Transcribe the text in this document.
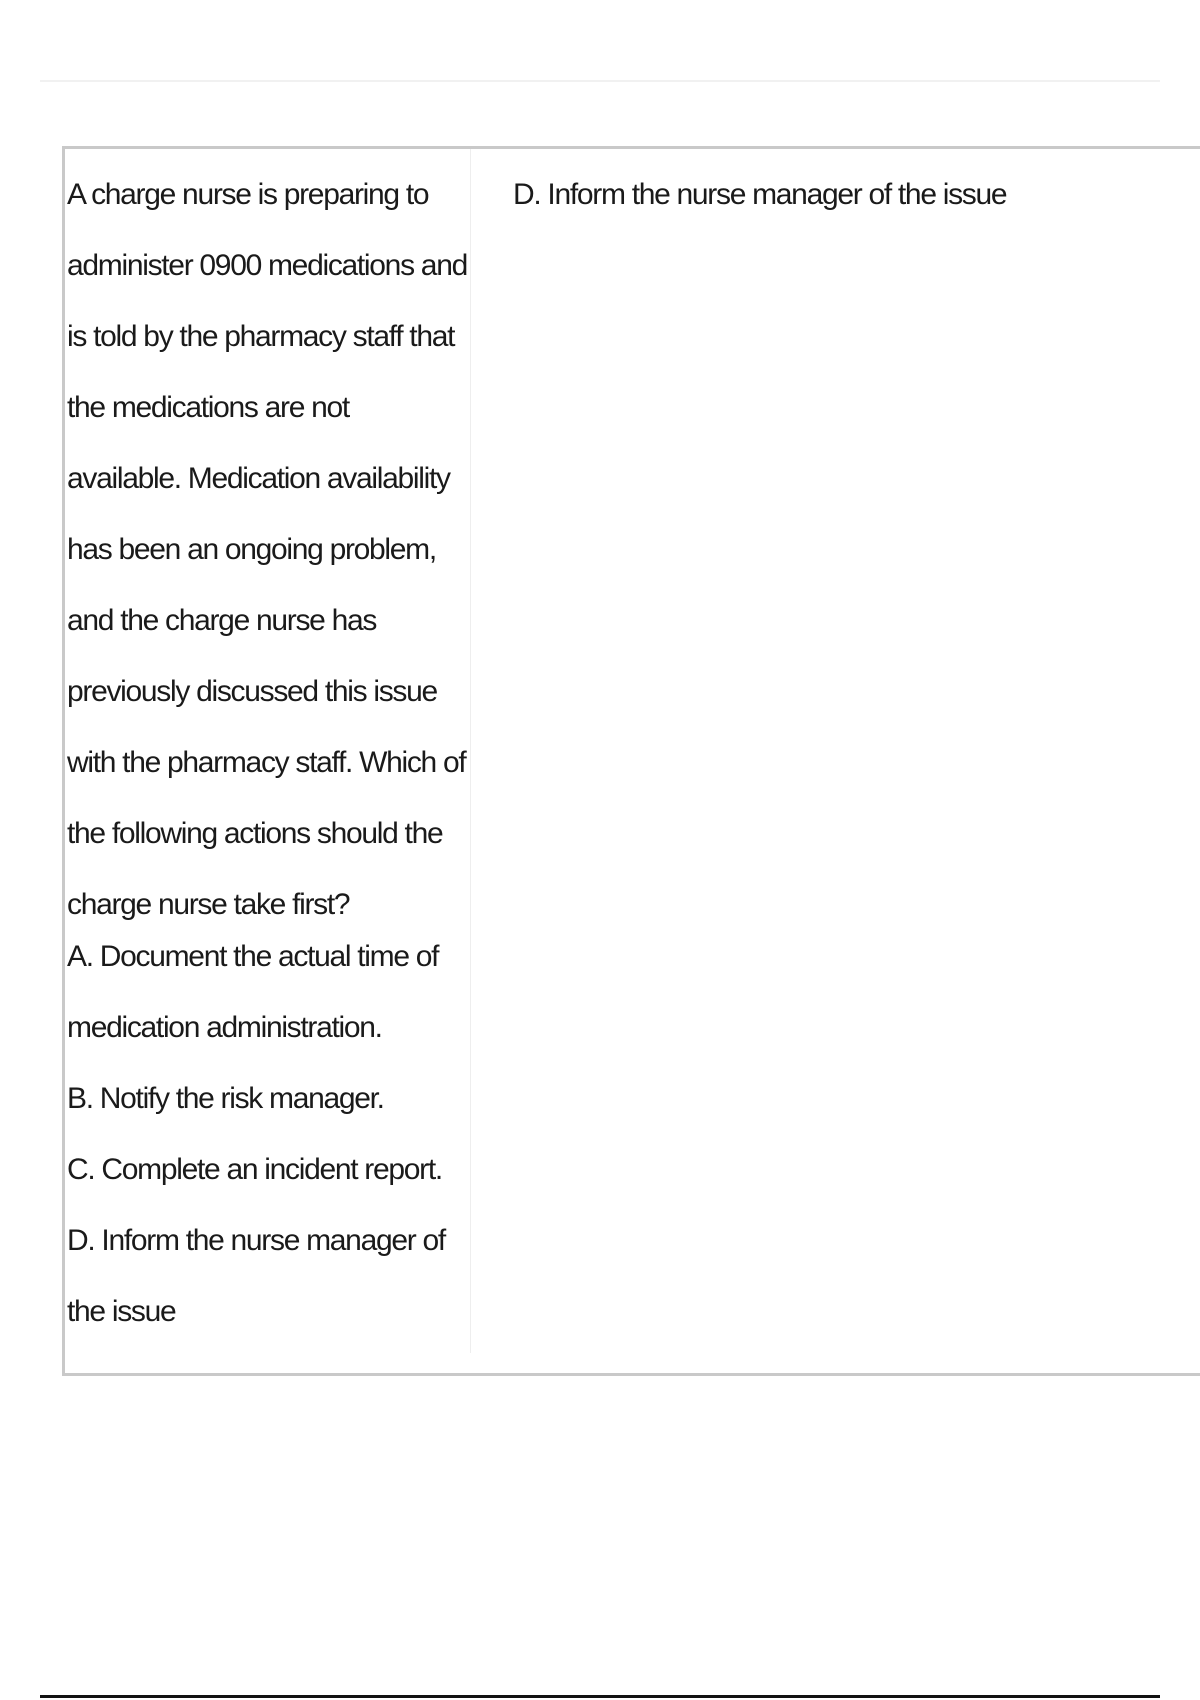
A charge nurse is preparing to administer 0900 medications and is told by the pharmacy staff that the medications are not available. Medication availability has been an ongoing problem, and the charge nurse has previously discussed this issue with the pharmacy staff. Which of the following actions should the charge nurse take first?

A. Document the actual time of medication administration.
B. Notify the risk manager.
C. Complete an incident report.
D. Inform the nurse manager of the issue
D. Inform the nurse manager of the issue
